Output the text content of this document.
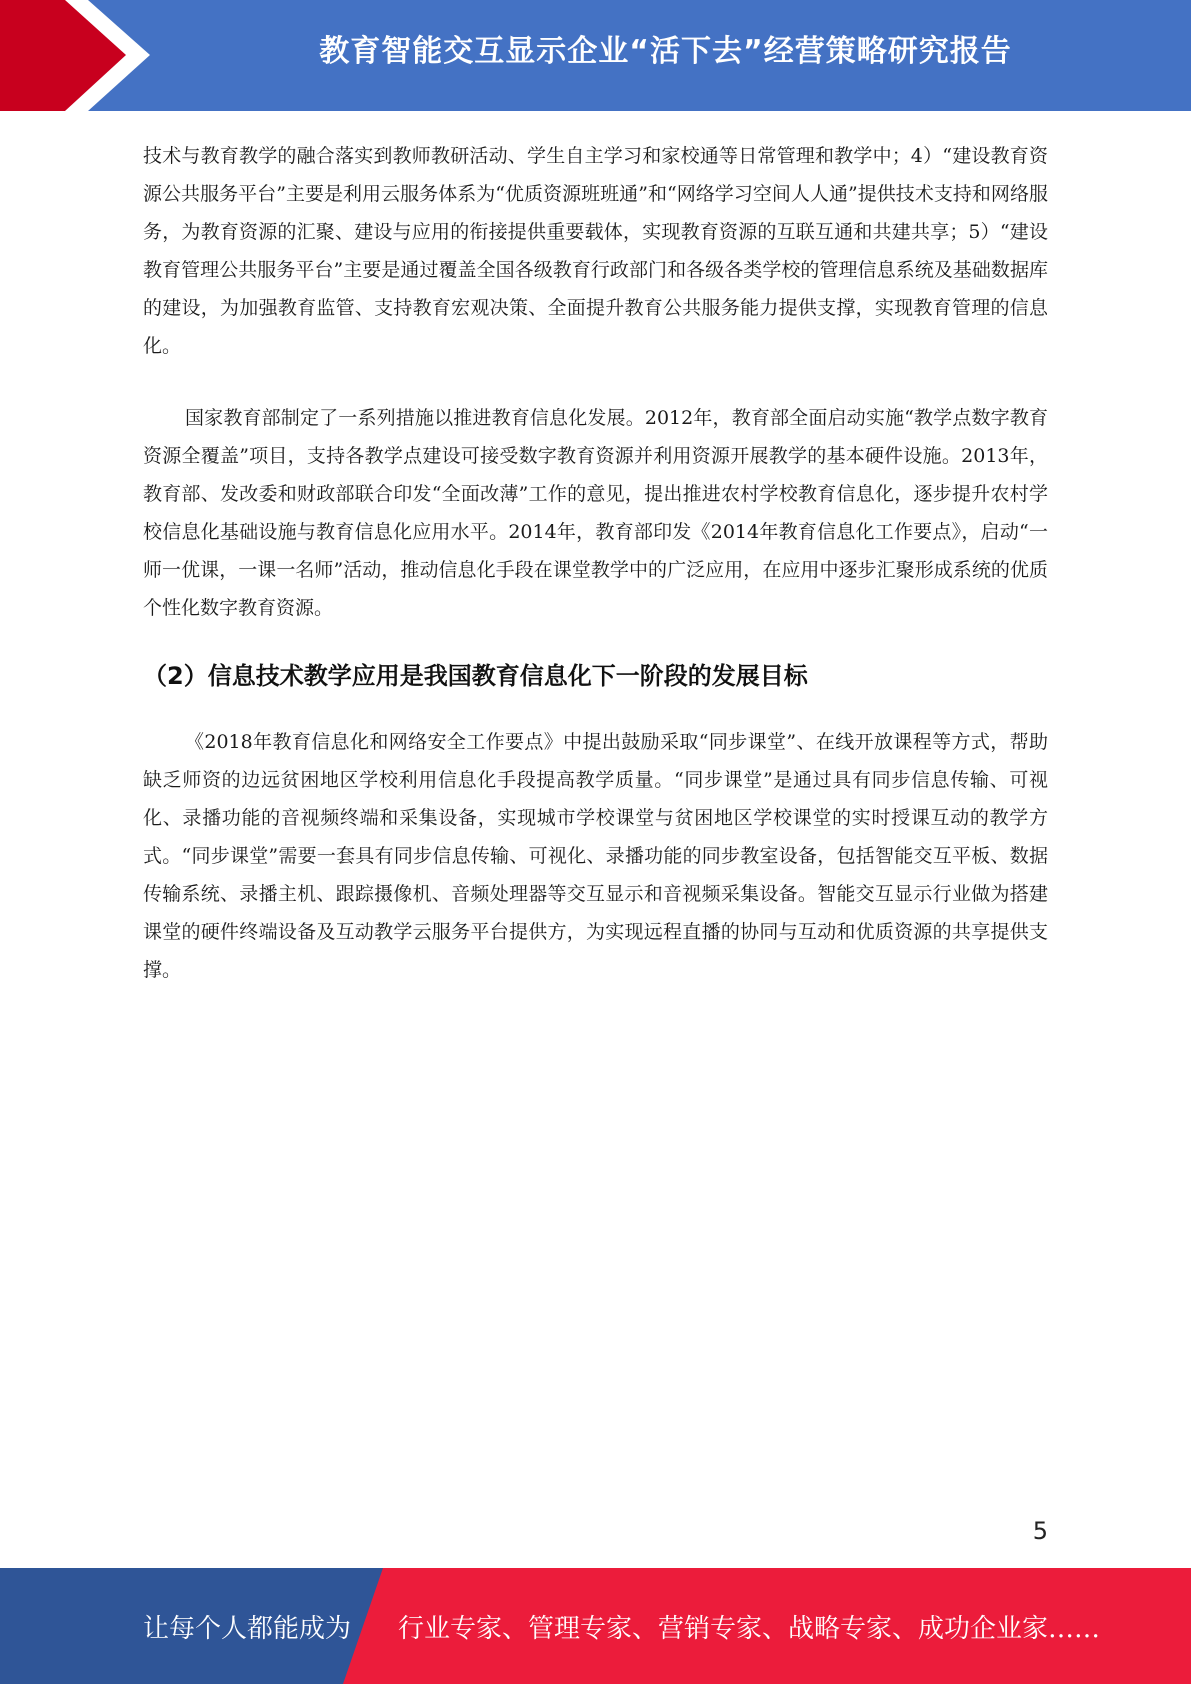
教育智能交互显示企业“活下去”经营策略研究报告

技术与教育教学的融合落实到教师教研活动、学生自主学习和家校通等日常管理和教学中；4）“建设教育资源公共服务平台”主要是利用云服务体系为“优质资源班班通”和“网络学习空间人人通”提供技术支持和网络服务，为教育资源的汇聚、建设与应用的衔接提供重要载体，实现教育资源的互联互通和共建共享；5）“建设教育管理公共服务平台”主要是通过覆盖全国各级教育行政部门和各级各类学校的管理信息系统及基础数据库的建设，为加强教育监管、支持教育宏观决策、全面提升教育公共服务能力提供支撑，实现教育管理的信息化。

国家教育部制定了一系列措施以推进教育信息化发展。2012年，教育部全面启动实施“教学点数字教育资源全覆盖”项目，支持各教学点建设可接受数字教育资源并利用资源开展教学的基本硬件设施。2013年，教育部、发改委和财政部联合印发“全面改薄”工作的意见，提出推进农村学校教育信息化，逐步提升农村学校信息化基础设施与教育信息化应用水平。2014年，教育部印发《2014年教育信息化工作要点》，启动“一师一优课，一课一名师”活动，推动信息化手段在课堂教学中的广泛应用，在应用中逐步汇聚形成系统的优质个性化数字教育资源。

（2）信息技术教学应用是我国教育信息化下一阶段的发展目标

《2018年教育信息化和网络安全工作要点》中提出鼓励采取“同步课堂”、在线开放课程等方式，帮助缺乏师资的边远贫困地区学校利用信息化手段提高教学质量。“同步课堂”是通过具有同步信息传输、可视化、录播功能的音视频终端和采集设备，实现城市学校课堂与贫困地区学校课堂的实时授课互动的教学方式。“同步课堂”需要一套具有同步信息传输、可视化、录播功能的同步教室设备，包括智能交互平板、数据传输系统、录播主机、跟踪摄像机、音频处理器等交互显示和音视频采集设备。智能交互显示行业做为搭建课堂的硬件终端设备及互动教学云服务平台提供方，为实现远程直播的协同与互动和优质资源的共享提供支撑。

5
让每个人都能成为 行业专家、管理专家、营销专家、战略专家、成功企业家……
